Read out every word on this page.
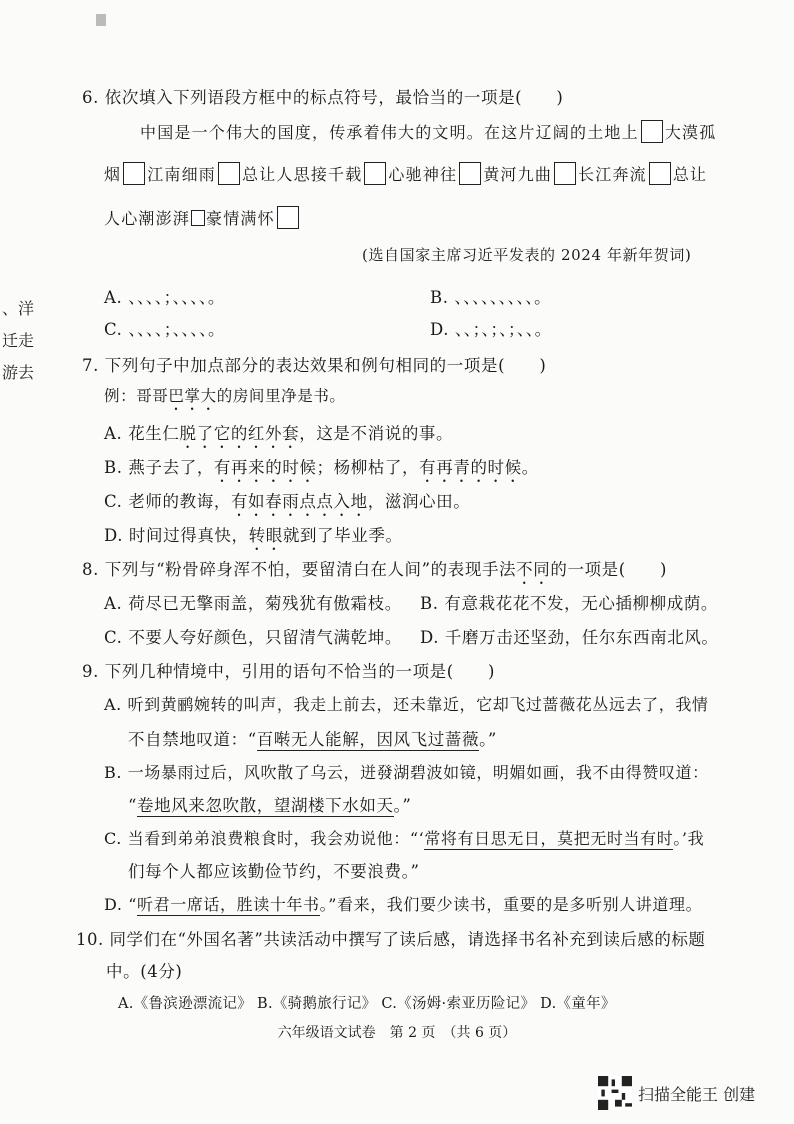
、洋
迁走
游去
6. 依次填入下列语段方框中的标点符号，最恰当的一项是(　　)
中国是一个伟大的国度，传承着伟大的文明。在这片辽阔的土地上 大漠孤
烟 江南细雨 总让人思接千载 心驰神往 黄河九曲 长江奔流 总让
人心潮澎湃 豪情满怀
(选自国家主席习近平发表的 2024 年新年贺词)
A. 、、、、；、、、、。	B. 、、、、、、、、、。
C. 、、、、；、、、、。	D. 、、；、；、；、、。
7. 下列句子中加点部分的表达效果和例句相同的一项是(　　)
例：哥哥巴掌大的房间里净是书。
A. 花生仁脱了它的红外套，这是不消说的事。
B. 燕子去了，有再来的时候；杨柳枯了，有再青的时候。
C. 老师的教诲，有如春雨点点入地，滋润心田。
D. 时间过得真快，转眼就到了毕业季。
8. 下列与“粉骨碎身浑不怕，要留清白在人间”的表现手法不同的一项是(　　)
A. 荷尽已无擎雨盖，菊残犹有傲霜枝。 B. 有意栽花花不发，无心插柳柳成荫。
C. 不要人夸好颜色，只留清气满乾坤。 D. 千磨万击还坚劲，任尔东西南北风。
9. 下列几种情境中，引用的语句不恰当的一项是(　　)
A. 听到黄鹂婉转的叫声，我走上前去，还未靠近，它却飞过蔷薇花丛远去了，我情
不自禁地叹道：“百啭无人能解，因风飞过蔷薇。”
B. 一场暴雨过后，风吹散了乌云，迸發湖碧波如镜，明媚如画，我不由得赞叹道：
“卷地风来忽吹散，望湖楼下水如天。”
C. 当看到弟弟浪费粮食时，我会劝说他：“‘常将有日思无日，莫把无时当有时。’我
们每个人都应该勤俭节约，不要浪费。”
D. “听君一席话，胜读十年书。”看来，我们要少读书，重要的是多听别人讲道理。
10. 同学们在“外国名著”共读活动中撰写了读后感，请选择书名补充到读后感的标题
中。(4分)
A.《鲁滨逊漂流记》 B.《骑鹅旅行记》 C.《汤姆·索亚历险记》 D.《童年》
六年级语文试卷　第 2 页　（共 6 页）
扫描全能王 创建
